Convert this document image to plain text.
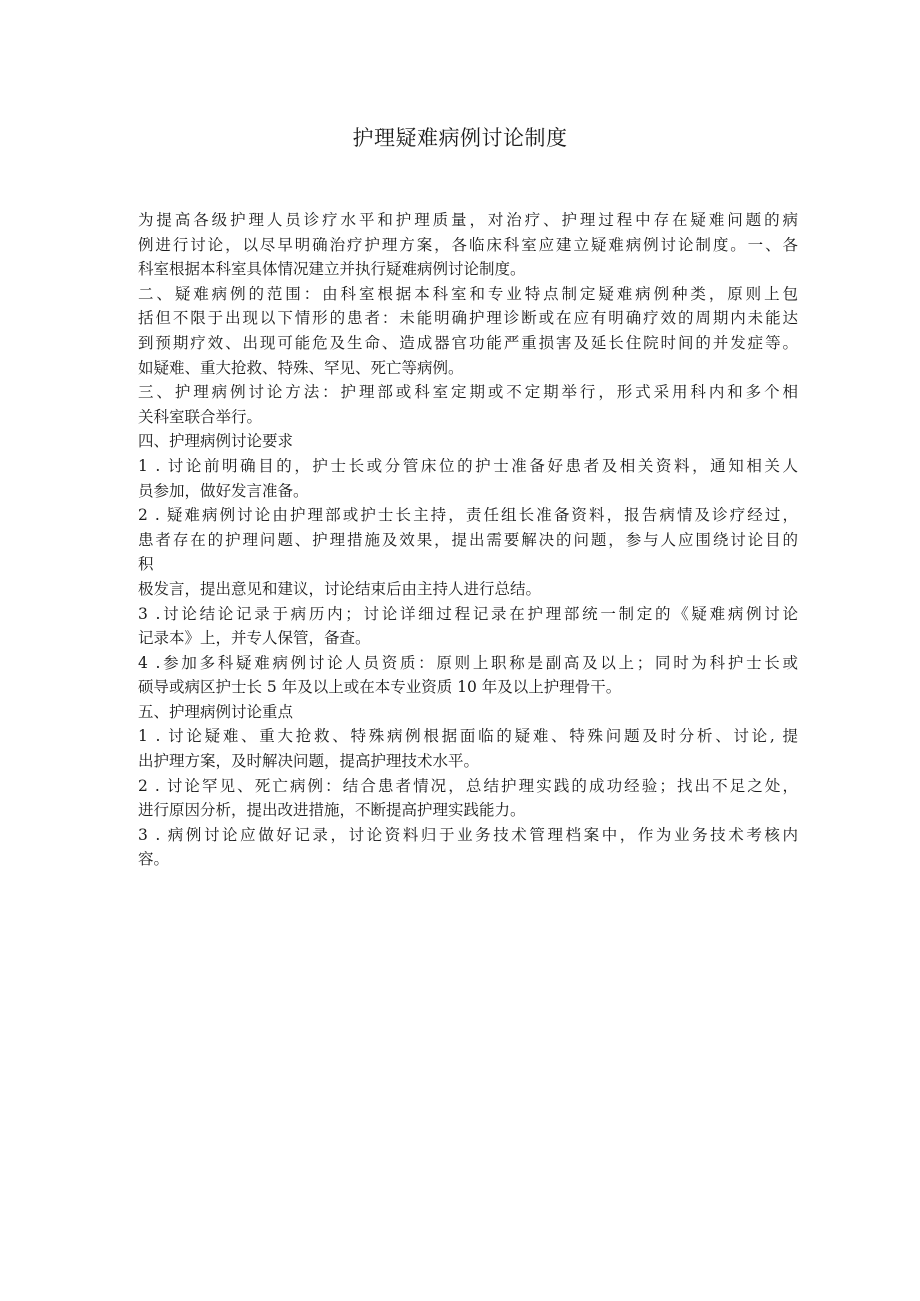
护理疑难病例讨论制度
为提高各级护理人员诊疗水平和护理质量，对治疗、护理过程中存在疑难问题的病
例进行讨论，以尽早明确治疗护理方案，各临床科室应建立疑难病例讨论制度。一、各
科室根据本科室具体情况建立并执行疑难病例讨论制度。
二、疑难病例的范围：由科室根据本科室和专业特点制定疑难病例种类，原则上包
括但不限于出现以下情形的患者：未能明确护理诊断或在应有明确疗效的周期内未能达
到预期疗效、出现可能危及生命、造成器官功能严重损害及延长住院时间的并发症等。
如疑难、重大抢救、特殊、罕见、死亡等病例。
三、护理病例讨论方法：护理部或科室定期或不定期举行，形式采用科内和多个相
关科室联合举行。
四、护理病例讨论要求
1 . 讨论前明确目的，护士长或分管床位的护士准备好患者及相关资料，通知相关人
员参加，做好发言准备。
2 . 疑难病例讨论由护理部或护士长主持，责任组长准备资料，报告病情及诊疗经过，
患者存在的护理问题、护理措施及效果，提出需要解决的问题，参与人应围绕讨论目的
积
极发言，提出意见和建议，讨论结束后由主持人进行总结。
3 .讨论结论记录于病历内；讨论详细过程记录在护理部统一制定的《疑难病例讨论
记录本》上，并专人保管，备查。
4 .参加多科疑难病例讨论人员资质：原则上职称是副高及以上；同时为科护士长或
硕导或病区护士长 5 年及以上或在本专业资质 10 年及以上护理骨干。
五、护理病例讨论重点
1 . 讨论疑难、重大抢救、特殊病例根据面临的疑难、特殊问题及时分析、讨论, 提
出护理方案，及时解决问题，提高护理技术水平。
2 . 讨论罕见、死亡病例：结合患者情况，总结护理实践的成功经验；找出不足之处，
进行原因分析，提出改进措施，不断提高护理实践能力。
3 . 病例讨论应做好记录，讨论资料归于业务技术管理档案中，作为业务技术考核内
容。
